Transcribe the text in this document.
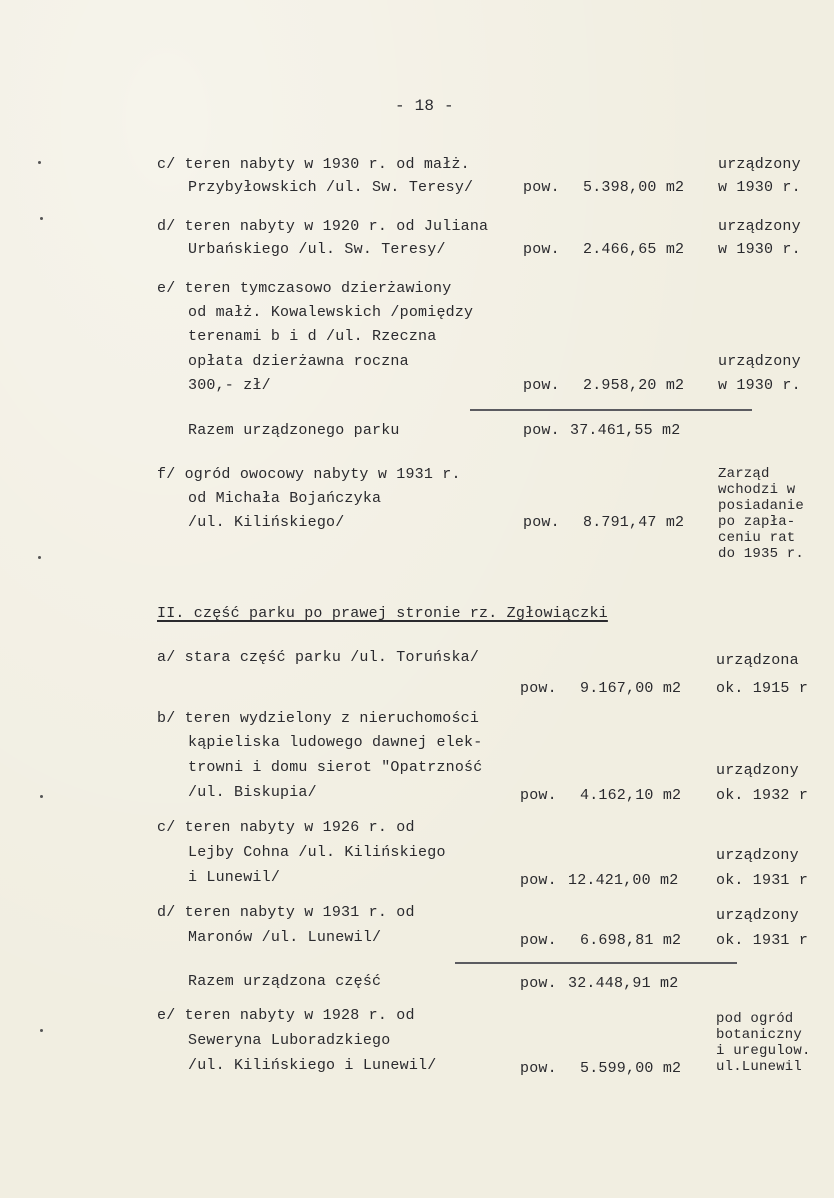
- 18 -
c/ teren nabyty w 1930 r. od małż.
Przybyłowskich /ul. Sw. Teresy/	pow. 5.398,00 m2
urządzony
w 1930 r.
d/ teren nabyty w 1920 r. od Juliana
Urbańskiego /ul. Sw. Teresy/	pow. 2.466,65 m2
urządzony
w 1930 r.
e/ teren tymczasowo dzierżawiony
od małż. Kowalewskich /pomiędzy
terenami b i d /ul. Rzeczna
opłata dzierżawna roczna
300,- zł/	pow. 2.958,20 m2
urządzony
w 1930 r.
Razem urządzonego parku	pow. 37.461,55 m2
f/ ogród owocowy nabyty w 1931 r.
od Michała Bojańczyka
/ul. Kilińskiego/	pow. 8.791,47 m2
Zarząd
wchodzi w
posiadanie
po zapła-
ceniu rat
do 1935 r.
II. część parku po prawej stronie rz. Zgłowiączki
a/ stara część parku /ul. Toruńska/
pow. 9.167,00 m2
urządzona
ok. 1915 r
b/ teren wydzielony z nieruchomości
kąpieliska ludowego dawnej elek-
trowni i domu sierot "Opatrzność
/ul. Biskupia/	pow. 4.162,10 m2
urządzony
ok. 1932 r
c/ teren nabyty w 1926 r. od
Lejby Cohna /ul. Kilińskiego
i Lunewil/	pow. 12.421,00 m2
urządzony
ok. 1931 r
d/ teren nabyty w 1931 r. od
Maronów /ul. Lunewil/	pow. 6.698,81 m2
urządzony
ok. 1931 r
Razem urządzona część	pow. 32.448,91 m2
e/ teren nabyty w 1928 r. od
Seweryna Luboradzkiego
/ul. Kilińskiego i Lunewil/	pow. 5.599,00 m2
pod ogród
botaniczny
i uregulow.
ul.Lunewil
